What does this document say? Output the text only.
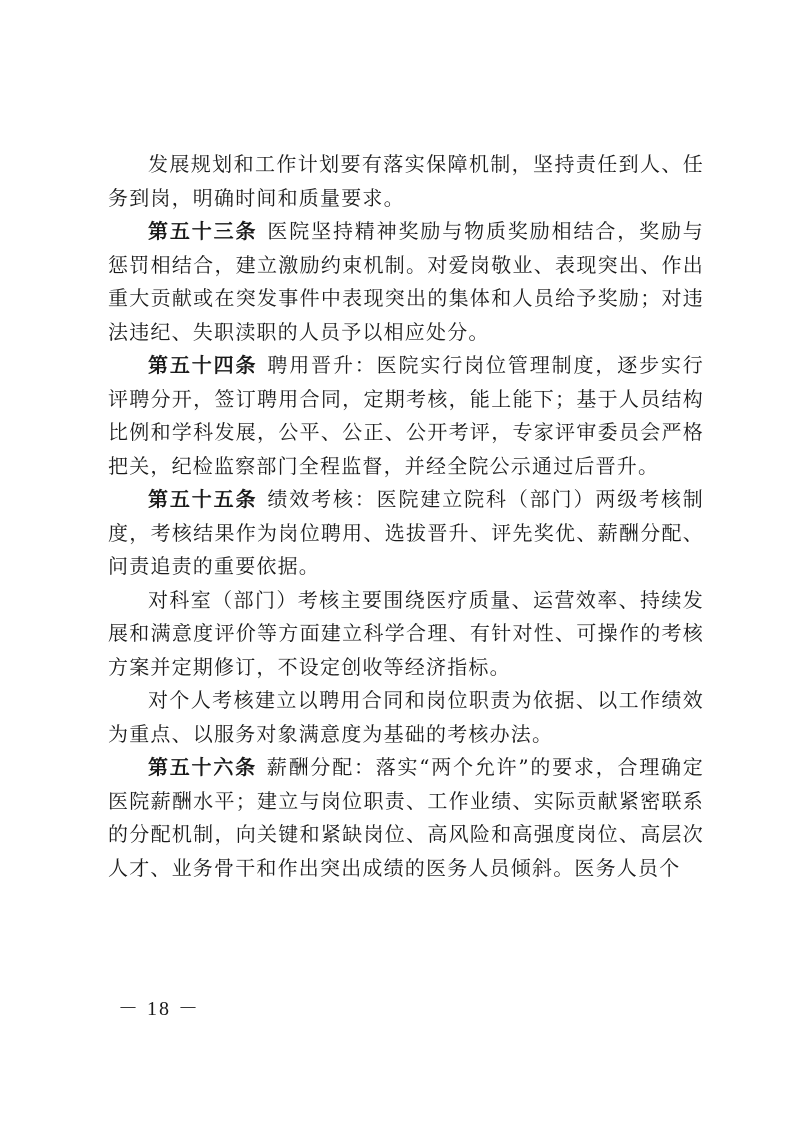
发展规划和工作计划要有落实保障机制，坚持责任到人、任务到岗，明确时间和质量要求。

第五十三条 医院坚持精神奖励与物质奖励相结合，奖励与惩罚相结合，建立激励约束机制。对爱岗敬业、表现突出、作出重大贡献或在突发事件中表现突出的集体和人员给予奖励；对违法违纪、失职渎职的人员予以相应处分。

第五十四条 聘用晋升：医院实行岗位管理制度，逐步实行评聘分开，签订聘用合同，定期考核，能上能下；基于人员结构比例和学科发展，公平、公正、公开考评，专家评审委员会严格把关，纪检监察部门全程监督，并经全院公示通过后晋升。

第五十五条 绩效考核：医院建立院科（部门）两级考核制度，考核结果作为岗位聘用、选拔晋升、评先奖优、薪酬分配、问责追责的重要依据。

对科室（部门）考核主要围绕医疗质量、运营效率、持续发展和满意度评价等方面建立科学合理、有针对性、可操作的考核方案并定期修订，不设定创收等经济指标。

对个人考核建立以聘用合同和岗位职责为依据、以工作绩效为重点、以服务对象满意度为基础的考核办法。

第五十六条 薪酬分配：落实“两个允许”的要求，合理确定医院薪酬水平；建立与岗位职责、工作业绩、实际贡献紧密联系的分配机制，向关键和紧缺岗位、高风险和高强度岗位、高层次人才、业务骨干和作出突出成绩的医务人员倾斜。医务人员个

－ 18 －
